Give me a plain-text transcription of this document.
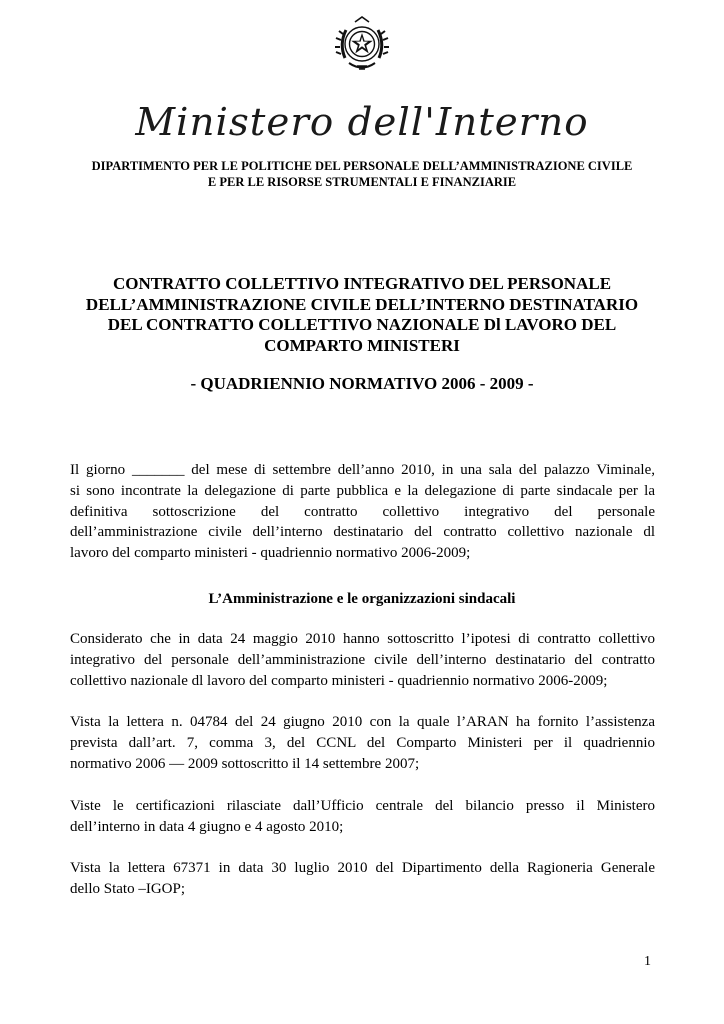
Ministero dell'Interno
DIPARTIMENTO PER LE POLITICHE DEL PERSONALE DELL’AMMINISTRAZIONE CIVILE
E PER LE RISORSE STRUMENTALI E FINANZIARIE
CONTRATTO COLLETTIVO INTEGRATIVO DEL PERSONALE
DELL’AMMINISTRAZIONE CIVILE DELL’INTERNO DESTINATARIO
DEL CONTRATTO COLLETTIVO NAZIONALE Dl LAVORO DEL
COMPARTO MINISTERI
- QUADRIENNIO NORMATIVO 2006 - 2009 -
Il giorno _______ del mese di settembre dell’anno 2010, in una sala del palazzo Viminale,
si sono incontrate la delegazione di parte pubblica e la delegazione di parte sindacale per la
definitiva sottoscrizione del contratto collettivo integrativo del personale
dell’amministrazione civile dell’interno destinatario del contratto collettivo nazionale dl
lavoro del comparto ministeri - quadriennio normativo 2006-2009;
L’Amministrazione e le organizzazioni sindacali
Considerato che in data 24 maggio 2010 hanno sottoscritto l’ipotesi di contratto collettivo
integrativo del personale dell’amministrazione civile dell’interno destinatario del contratto
collettivo nazionale dl lavoro del comparto ministeri - quadriennio normativo 2006-2009;
Vista la lettera n. 04784 del 24 giugno 2010 con la quale l’ARAN ha fornito l’assistenza
prevista dall’art. 7, comma 3, del CCNL del Comparto Ministeri per il quadriennio
normativo 2006 — 2009 sottoscritto il 14 settembre 2007;
Viste le certificazioni rilasciate dall’Ufficio centrale del bilancio presso il Ministero
dell’interno in data 4 giugno e 4 agosto 2010;
Vista la lettera 67371 in data 30 luglio 2010 del Dipartimento della Ragioneria Generale
dello Stato –IGOP;
1
